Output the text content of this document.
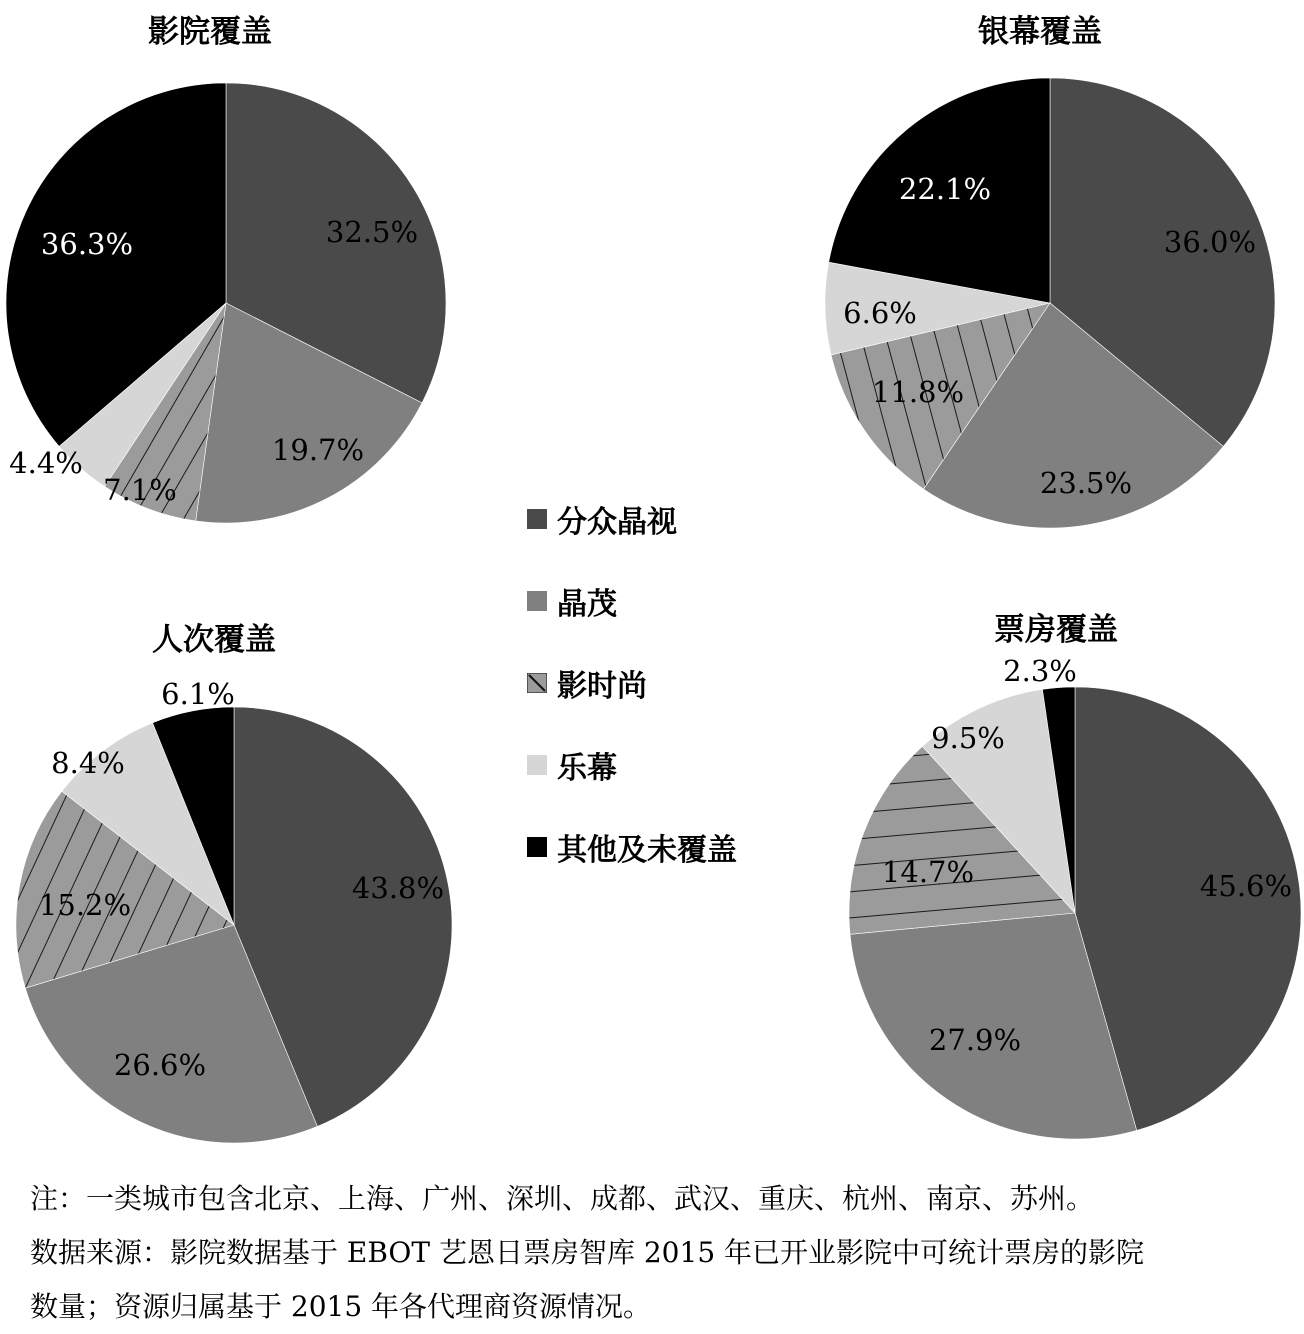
影院覆盖	银幕覆盖
人次覆盖	票房覆盖
32.5%
19.7%
7.1%
4.4%
36.3%	36.0%
23.5%
11.8%
6.6%
22.1%
43.8%
26.6%
15.2%
8.4%
6.1%
45.6%
27.9%
14.7%
9.5%
2.3%
分众晶视
晶茂
影时尚
乐幕
其他及未覆盖
注：一类城市包含北京、上海、广州、深圳、成都、武汉、重庆、杭州、南京、苏州。
数据来源：影院数据基于 EBOT 艺恩日票房智库 2015 年已开业影院中可统计票房的影院
数量；资源归属基于 2015 年各代理商资源情况。
